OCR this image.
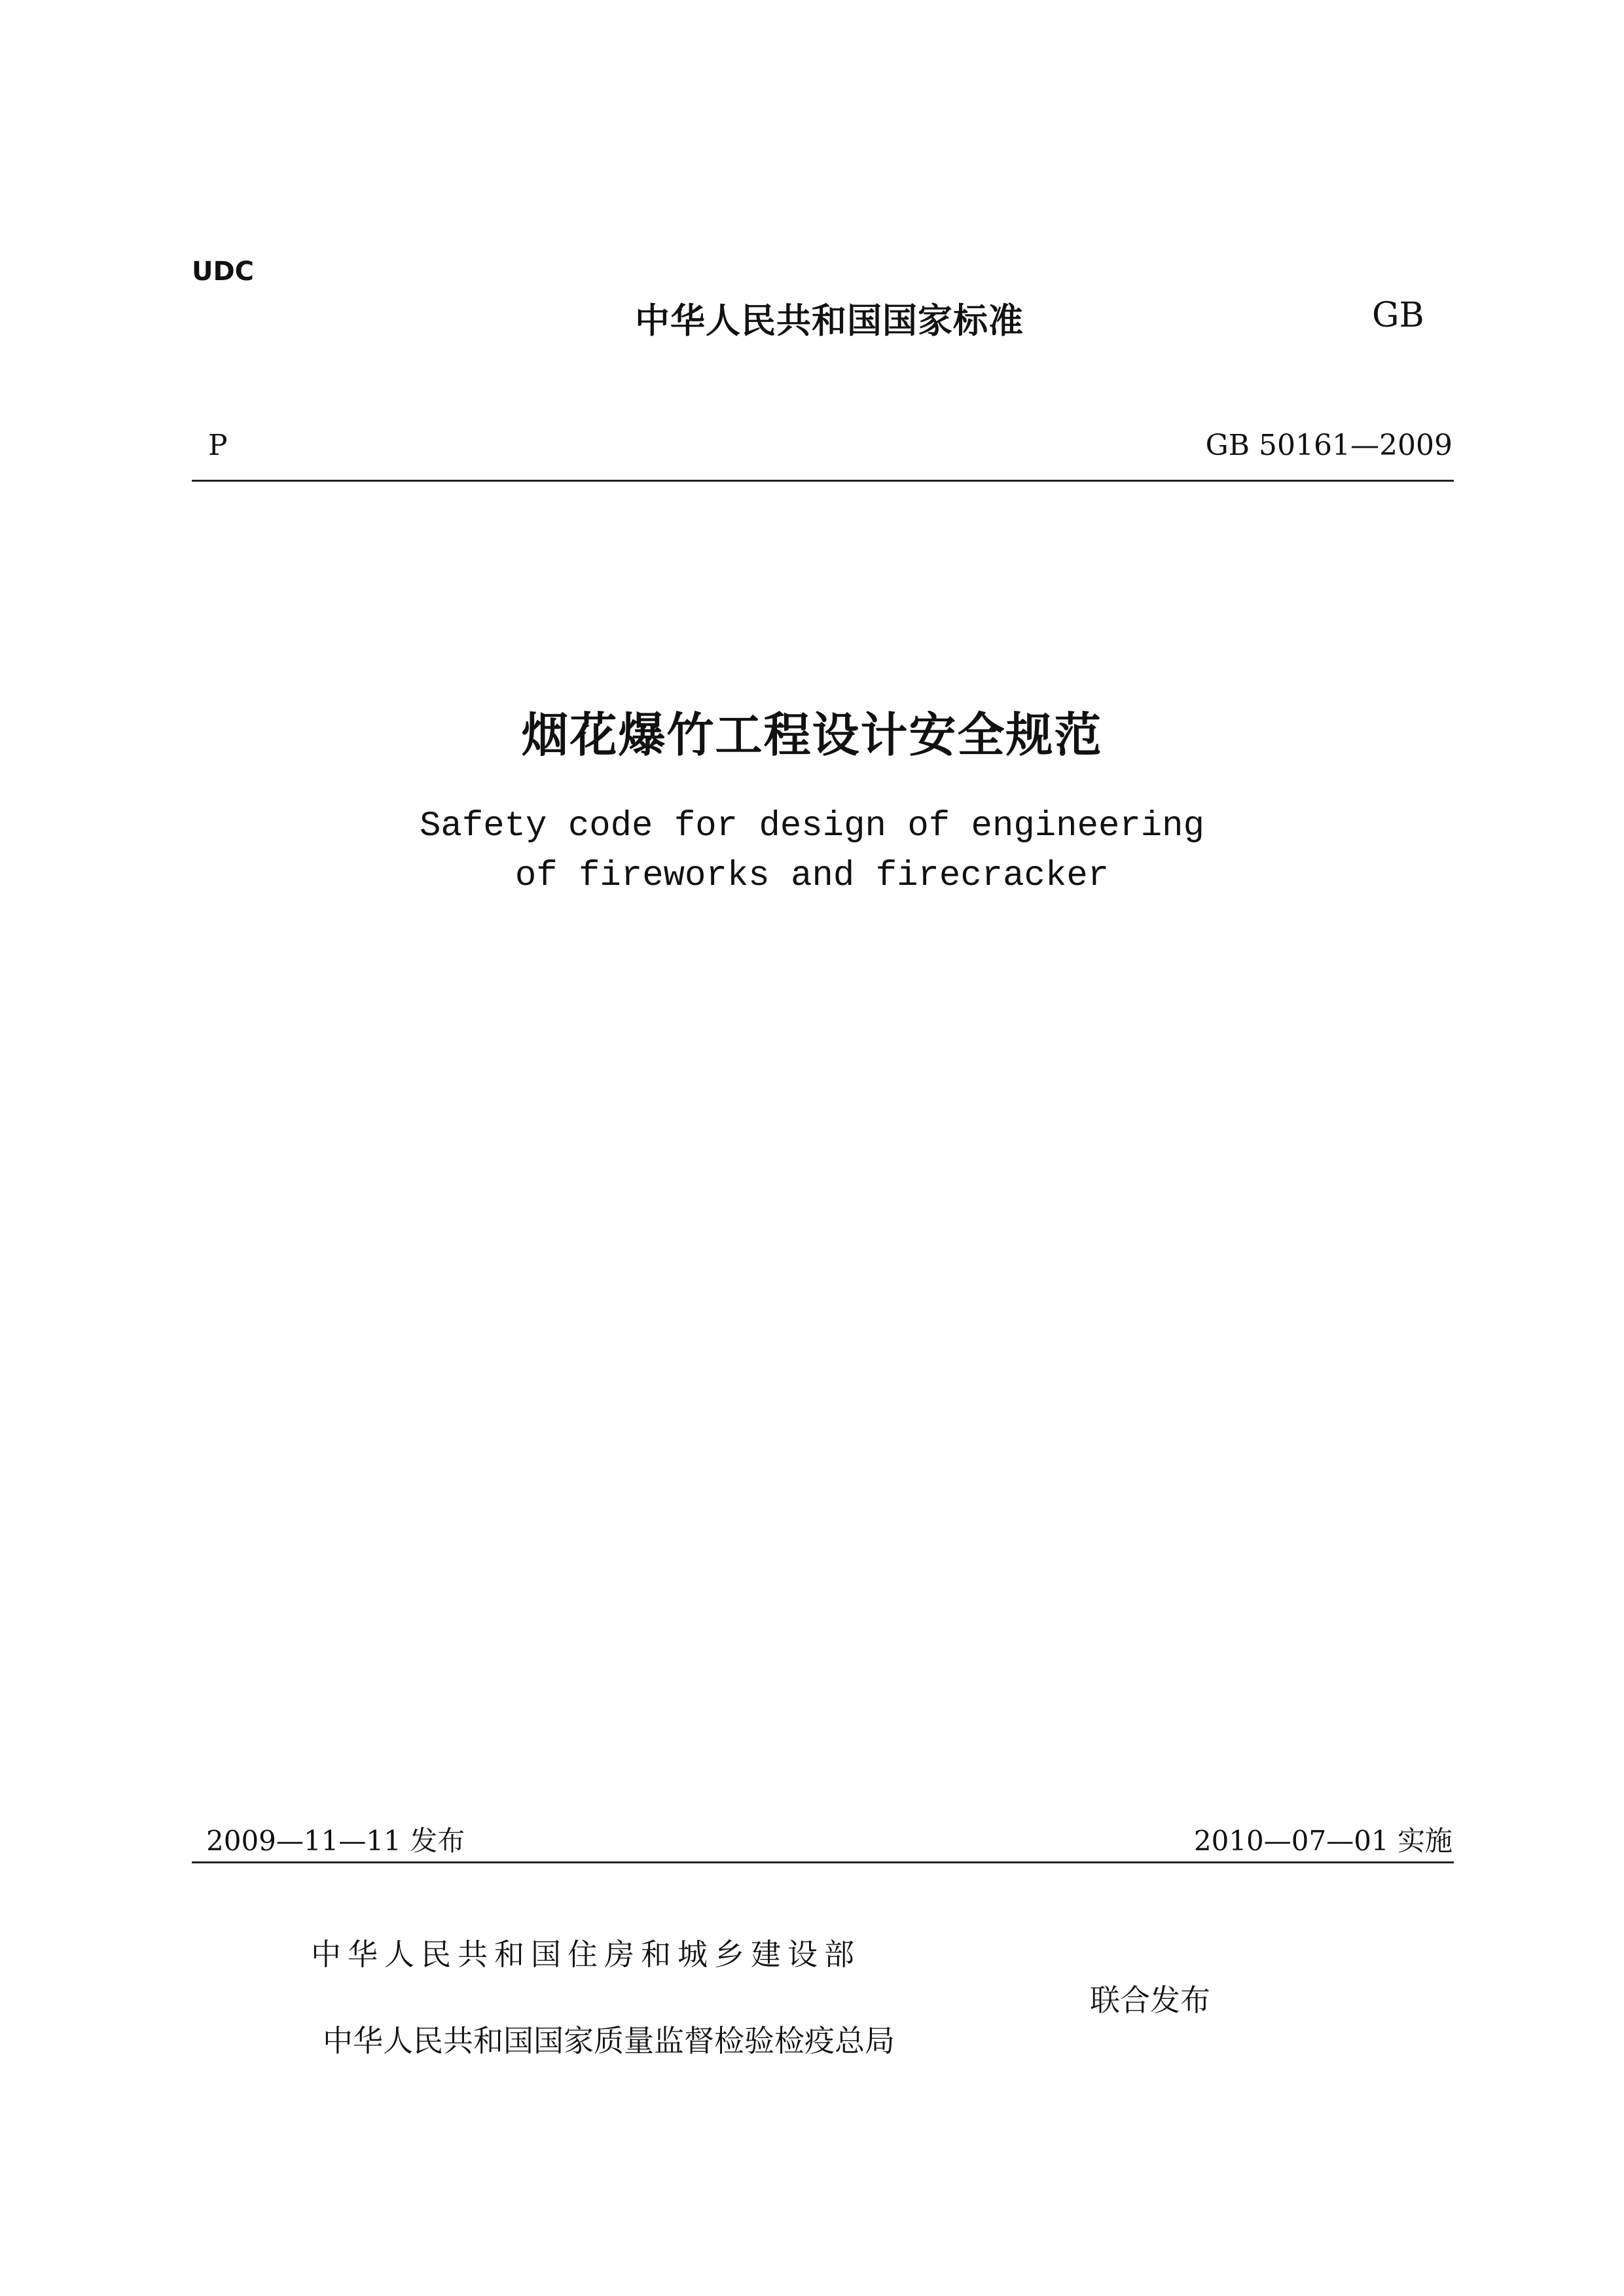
UDC
中华人民共和国国家标准	GB
P	GB 50161—2009
烟花爆竹工程设计安全规范
Safety code for design of engineering
of fireworks and firecracker
2009—11—11 发布	2010—07—01 实施
中华人民共和国住房和城乡建设部
中华人民共和国国家质量监督检验检疫总局
联合发布
